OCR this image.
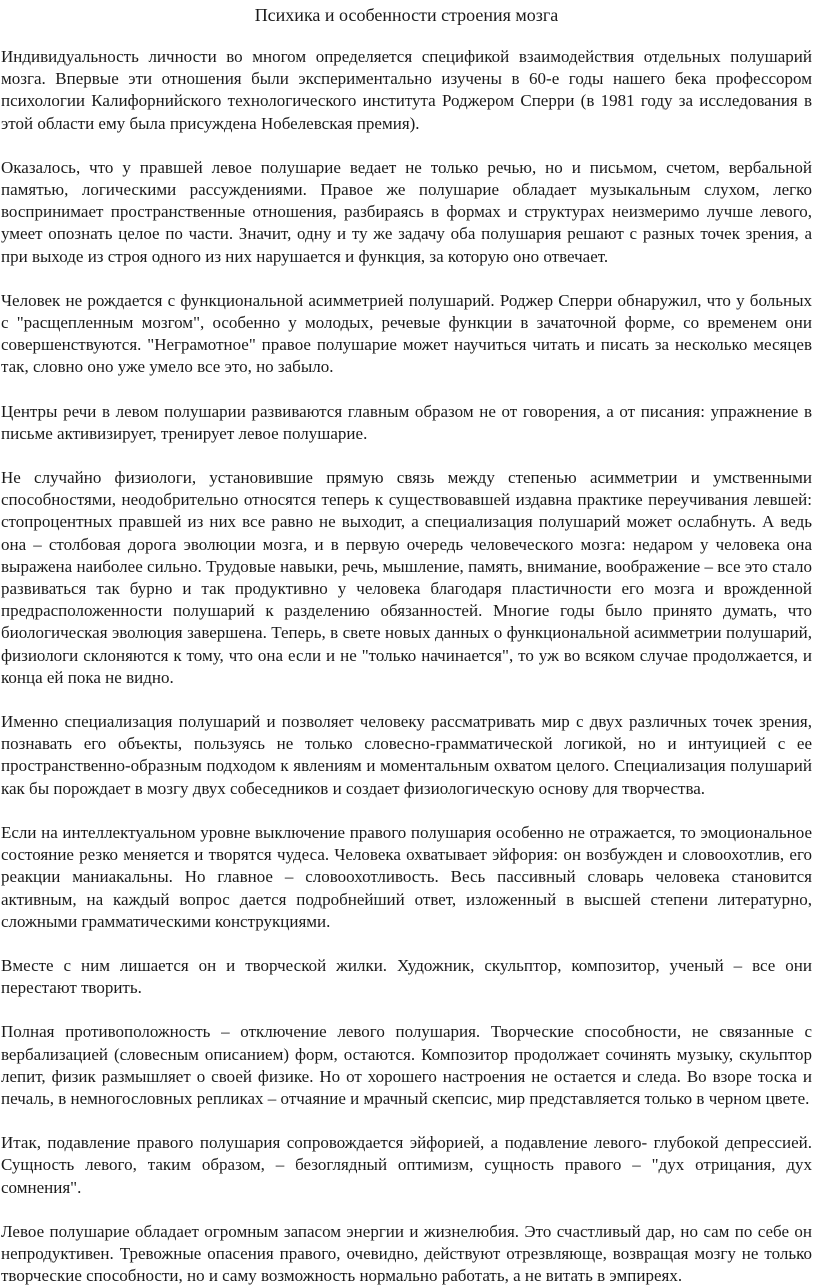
Психика и особенности строения мозга

Индивидуальность личности во многом определяется спецификой взаимодействия отдельных полушарий мозга. Впервые эти отношения были экспериментально изучены в 60-е годы нашего бека профессором психологии Калифорнийского технологического института Роджером Сперри (в 1981 году за исследования в этой области ему была присуждена Нобелевская премия).

Оказалось, что у правшей левое полушарие ведает не только речью, но и письмом, счетом, вербальной памятью, логическими рассуждениями. Правое же полушарие обладает музыкальным слухом, легко воспринимает пространственные отношения, разбираясь в формах и структурах неизмеримо лучше левого, умеет опознать целое по части. Значит, одну и ту же задачу оба полушария решают с разных точек зрения, а при выходе из строя одного из них нарушается и функция, за которую оно отвечает.

Человек не рождается с функциональной асимметрией полушарий. Роджер Сперри обнаружил, что у больных с "расщепленным мозгом", особенно у молодых, речевые функции в зачаточной форме, со временем они совершенствуются. "Неграмотное" правое полушарие может научиться читать и писать за несколько месяцев так, словно оно уже умело все это, но забыло.

Центры речи в левом полушарии развиваются главным образом не от говорения, а от писания: упражнение в письме активизирует, тренирует левое полушарие.

Не случайно физиологи, установившие прямую связь между степенью асимметрии и умственными способностями, неодобрительно относятся теперь к существовавшей издавна практике переучивания левшей: стопроцентных правшей из них все равно не выходит, а специализация полушарий может ослабнуть. А ведь она – столбовая дорога эволюции мозга, и в первую очередь человеческого мозга: недаром у человека она выражена наиболее сильно. Трудовые навыки, речь, мышление, память, внимание, воображение – все это стало развиваться так бурно и так продуктивно у человека благодаря пластичности его мозга и врожденной предрасположенности полушарий к разделению обязанностей. Многие годы было принято думать, что биологическая эволюция завершена. Теперь, в свете новых данных о функциональной асимметрии полушарий, физиологи склоняются к тому, что она если и не "только начинается", то уж во всяком случае продолжается, и конца ей пока не видно.

Именно специализация полушарий и позволяет человеку рассматривать мир с двух различных точек зрения, познавать его объекты, пользуясь не только словесно-грамматической логикой, но и интуицией с ее пространственно-образным подходом к явлениям и моментальным охватом целого. Специализация полушарий как бы порождает в мозгу двух собеседников и создает физиологическую основу для творчества.

Если на интеллектуальном уровне выключение правого полушария особенно не отражается, то эмоциональное состояние резко меняется и творятся чудеса. Человека охватывает эйфория: он возбужден и словоохотлив, его реакции маниакальны. Но главное – словоохотливость. Весь пассивный словарь человека становится активным, на каждый вопрос дается подробнейший ответ, изложенный в высшей степени литературно, сложными грамматическими конструкциями.

Вместе с ним лишается он и творческой жилки. Художник, скульптор, композитор, ученый – все они перестают творить.

Полная противоположность – отключение левого полушария. Творческие способности, не связанные с вербализацией (словесным описанием) форм, остаются. Композитор продолжает сочинять музыку, скульптор лепит, физик размышляет о своей физике. Но от хорошего настроения не остается и следа. Во взоре тоска и печаль, в немногословных репликах – отчаяние и мрачный скепсис, мир представляется только в черном цвете.

Итак, подавление правого полушария сопровождается эйфорией, а подавление левого- глубокой депрессией. Сущность левого, таким образом, – безоглядный оптимизм, сущность правого – "дух отрицания, дух сомнения".

Левое полушарие обладает огромным запасом энергии и жизнелюбия. Это счастливый дар, но сам по себе он непродуктивен. Тревожные опасения правого, очевидно, действуют отрезвляюще, возвращая мозгу не только творческие способности, но и саму возможность нормально работать, а не витать в эмпиреях.
